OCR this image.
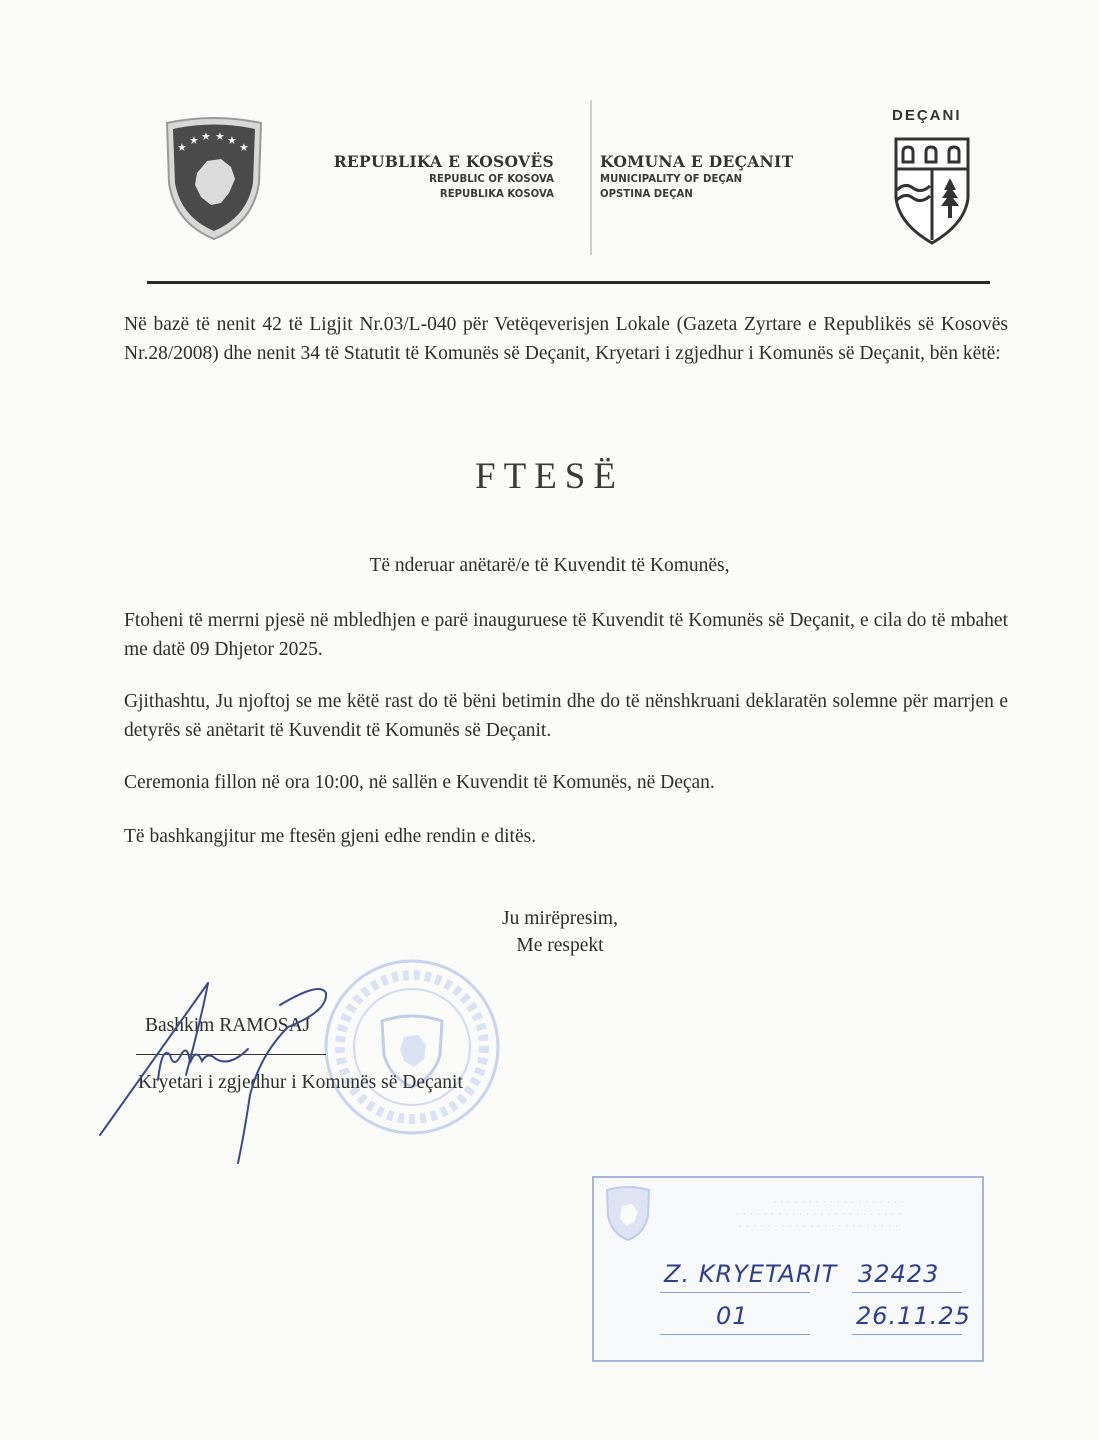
★
★ ★ ★ ★
★
REPUBLIKA E KOSOVËS
REPUBLIC OF KOSOVA
REPUBLIKA KOSOVA
KOMUNA E DEÇANIT
MUNICIPALITY OF DEÇAN
OPSTINA DEÇAN
DEÇANI
Në bazë të nenit 42 të Ligjit Nr.03/L-040 për Vetëqeverisjen Lokale (Gazeta Zyrtare e Republikës së Kosovës Nr.28/2008) dhe nenit 34 të Statutit të Komunës së Deçanit, Kryetari i zgjedhur i Komunës së Deçanit, bën këtë:
FTESË
Të nderuar anëtarë/e të Kuvendit të Komunës,
Ftoheni të merrni pjesë në mbledhjen e parë inauguruese të Kuvendit të Komunës së Deçanit, e cila do të mbahet me datë 09 Dhjetor 2025.
Gjithashtu, Ju njoftoj se me këtë rast do të bëni betimin dhe do të nënshkruani deklaratën solemne për marrjen e detyrës së anëtarit të Kuvendit të Komunës së Deçanit.
Ceremonia fillon në ora 10:00, në sallën e Kuvendit të Komunës, në Deçan.
Të bashkangjitur me ftesën gjeni edhe rendin e ditës.
Ju mirëpresim,
Me respekt
Bashkim RAMOSAJ
Kryetari i zgjedhur i Komunës së Deçanit
· · · · · · · · · · · · · · · · · · ·
· · · · · · · · · · · · · · · · · · · · · · · ·
· · · · · · · · · · · · · · · · · · · · · · ·
Z. KRYETARIT 32423
01	26.11.25
